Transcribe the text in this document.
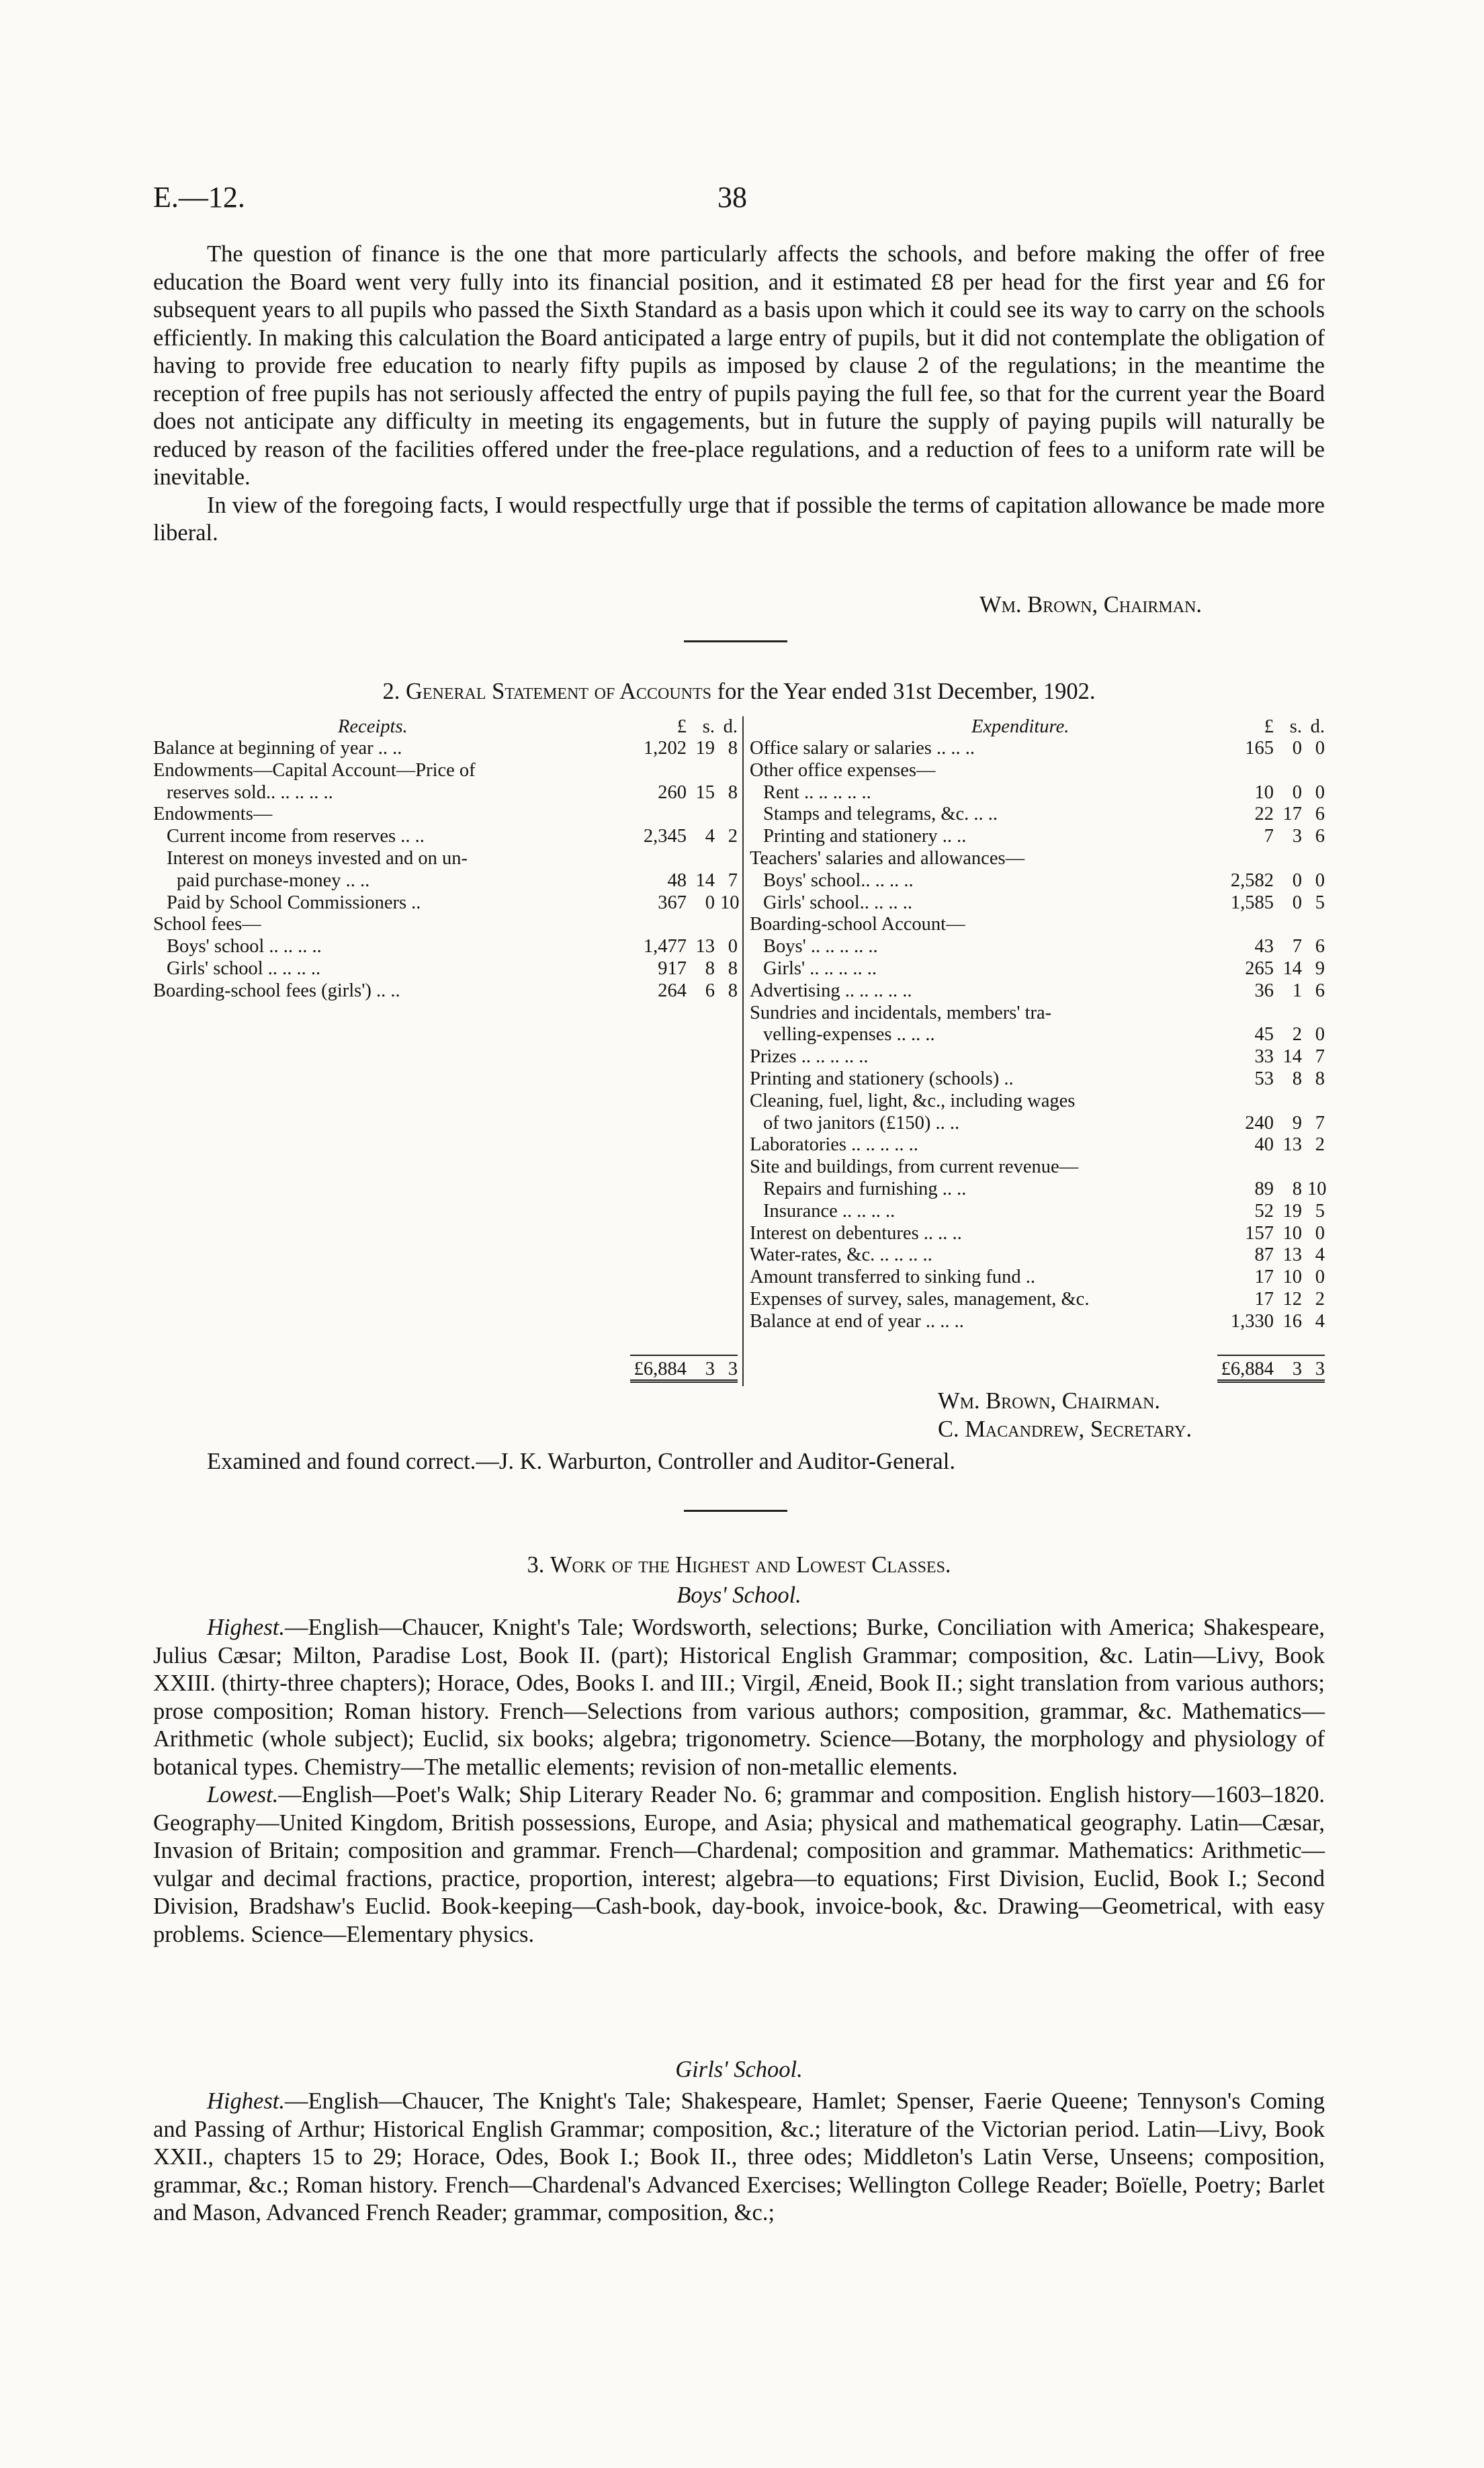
E.—12.	38

The question of finance is the one that more particularly affects the schools, and before making the offer of free education the Board went very fully into its financial position, and it estimated £8 per head for the first year and £6 for subsequent years to all pupils who passed the Sixth Standard as a basis upon which it could see its way to carry on the schools efficiently. In making this calculation the Board anticipated a large entry of pupils, but it did not contemplate the obligation of having to provide free education to nearly fifty pupils as imposed by clause 2 of the regulations; in the meantime the reception of free pupils has not seriously affected the entry of pupils paying the full fee, so that for the current year the Board does not anticipate any difficulty in meeting its engagements, but in future the supply of paying pupils will naturally be reduced by reason of the facilities offered under the free-place regulations, and a reduction of fees to a uniform rate will be inevitable.

In view of the foregoing facts, I would respectfully urge that if possible the terms of capitation allowance be made more liberal.

Wm. Brown, Chairman.
2. General Statement of Accounts for the Year ended 31st December, 1902.
Receipts.	£ s. d.
Balance at beginning of year .. ..	1,202 19 8
Endowments—Capital Account—Price of
reserves sold.. .. .. .. ..	260 15 8
Endowments—
Current income from reserves .. ..	2,345 4 2
Interest on moneys invested and on un-
paid purchase-money .. ..	48 14 7
Paid by School Commissioners ..	367 0 10
School fees—
Boys' school .. .. .. ..	1,477 13 0
Girls' school .. .. .. ..	917 8 8
Boarding-school fees (girls') .. ..	264 6 8
£6,884 3 3
Expenditure.	£ s. d.
Office salary or salaries .. .. ..	165 0 0
Other office expenses—
Rent .. .. .. .. ..	10 0 0
Stamps and telegrams, &c. .. ..	22 17 6
Printing and stationery .. ..	7 3 6
Teachers' salaries and allowances—
Boys' school.. .. .. ..	2,582 0 0
Girls' school.. .. .. ..	1,585 0 5
Boarding-school Account—
Boys' .. .. .. .. ..	43 7 6
Girls' .. .. .. .. ..	265 14 9
Advertising .. .. .. .. ..	36 1 6
Sundries and incidentals, members' tra-
velling-expenses .. .. ..	45 2 0
Prizes .. .. .. .. ..	33 14 7
Printing and stationery (schools) ..	53 8 8
Cleaning, fuel, light, &c., including wages
of two janitors (£150) .. ..	240 9 7
Laboratories .. .. .. .. ..	40 13 2
Site and buildings, from current revenue—
Repairs and furnishing .. ..	89 8 10
Insurance .. .. .. ..	52 19 5
Interest on debentures .. .. ..	157 10 0
Water-rates, &c. .. .. .. ..	87 13 4
Amount transferred to sinking fund ..	17 10 0
Expenses of survey, sales, management, &c.	17 12 2
Balance at end of year .. .. ..	1,330 16 4
£6,884 3 3
Wm. Brown, Chairman.
C. Macandrew, Secretary.
Examined and found correct.—J. K. Warburton, Controller and Auditor-General.
3. Work of the Highest and Lowest Classes.
Boys' School.

Highest.—English—Chaucer, Knight's Tale; Wordsworth, selections; Burke, Conciliation with America; Shakespeare, Julius Cæsar; Milton, Paradise Lost, Book II. (part); Historical English Grammar; composition, &c. Latin—Livy, Book XXIII. (thirty-three chapters); Horace, Odes, Books I. and III.; Virgil, Æneid, Book II.; sight translation from various authors; prose composition; Roman history. French—Selections from various authors; composition, grammar, &c. Mathematics—Arithmetic (whole subject); Euclid, six books; algebra; trigonometry. Science—Botany, the morphology and physiology of botanical types. Chemistry—The metallic elements; revision of non-metallic elements.

Lowest.—English—Poet's Walk; Ship Literary Reader No. 6; grammar and composition. English history—1603–1820. Geography—United Kingdom, British possessions, Europe, and Asia; physical and mathematical geography. Latin—Cæsar, Invasion of Britain; composition and grammar. French—Chardenal; composition and grammar. Mathematics: Arithmetic—vulgar and decimal fractions, practice, proportion, interest; algebra—to equations; First Division, Euclid, Book I.; Second Division, Bradshaw's Euclid. Book-keeping—Cash-book, day-book, invoice-book, &c. Drawing—Geometrical, with easy problems. Science—Elementary physics.

Girls' School.

Highest.—English—Chaucer, The Knight's Tale; Shakespeare, Hamlet; Spenser, Faerie Queene; Tennyson's Coming and Passing of Arthur; Historical English Grammar; composition, &c.; literature of the Victorian period. Latin—Livy, Book XXII., chapters 15 to 29; Horace, Odes, Book I.; Book II., three odes; Middleton's Latin Verse, Unseens; composition, grammar, &c.; Roman history. French—Chardenal's Advanced Exercises; Wellington College Reader; Boïelle, Poetry; Barlet and Mason, Advanced French Reader; grammar, composition, &c.;
